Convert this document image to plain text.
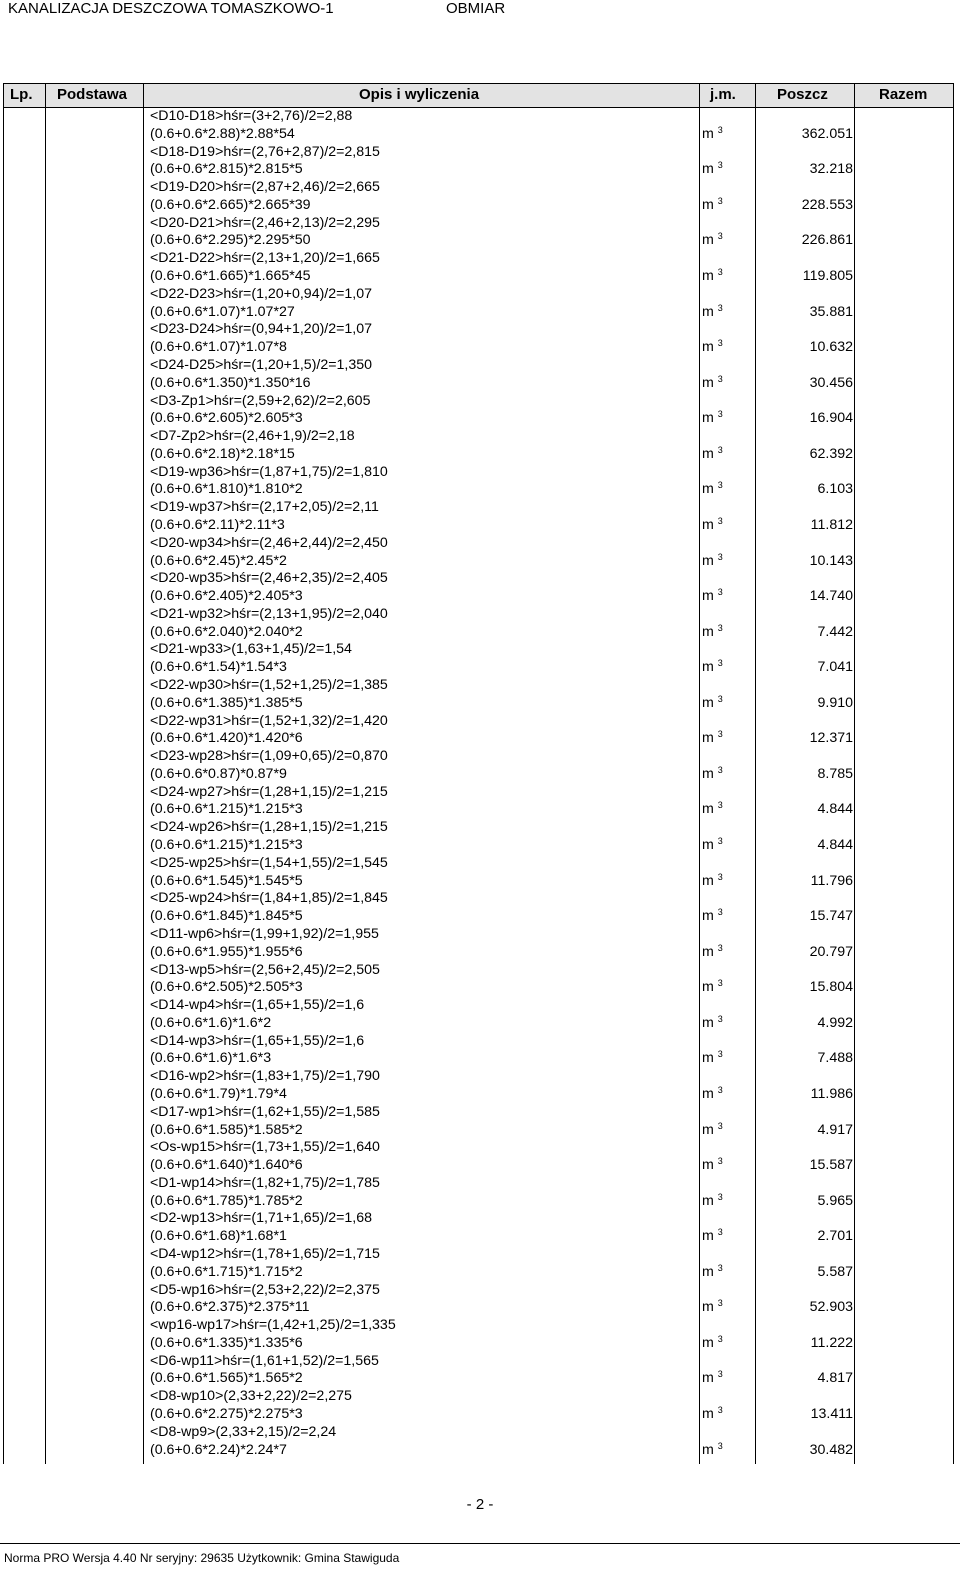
KANALIZACJA DESZCZOWA TOMASZKOWO-1	OBMIAR
Lp. Podstawa	Opis i wyliczenia	j.m.	Poszcz	Razem
<D10-D18>hśr=(3+2,76)/2=2,88
(0.6+0.6*2.88)*2.88*54	m $^3$	362.051
<D18-D19>hśr=(2,76+2,87)/2=2,815
(0.6+0.6*2.815)*2.815*5	m $^3$	32.218
<D19-D20>hśr=(2,87+2,46)/2=2,665
(0.6+0.6*2.665)*2.665*39	m $^3$	228.553
<D20-D21>hśr=(2,46+2,13)/2=2,295
(0.6+0.6*2.295)*2.295*50	m $^3$	226.861
<D21-D22>hśr=(2,13+1,20)/2=1,665
(0.6+0.6*1.665)*1.665*45	m $^3$	119.805
<D22-D23>hśr=(1,20+0,94)/2=1,07
(0.6+0.6*1.07)*1.07*27	m $^3$	35.881
<D23-D24>hśr=(0,94+1,20)/2=1,07
(0.6+0.6*1.07)*1.07*8	m $^3$	10.632
<D24-D25>hśr=(1,20+1,5)/2=1,350
(0.6+0.6*1.350)*1.350*16	m $^3$	30.456
<D3-Zp1>hśr=(2,59+2,62)/2=2,605
(0.6+0.6*2.605)*2.605*3	m $^3$	16.904
<D7-Zp2>hśr=(2,46+1,9)/2=2,18
(0.6+0.6*2.18)*2.18*15	m $^3$	62.392
<D19-wp36>hśr=(1,87+1,75)/2=1,810
(0.6+0.6*1.810)*1.810*2	m $^3$	6.103
<D19-wp37>hśr=(2,17+2,05)/2=2,11
(0.6+0.6*2.11)*2.11*3	m $^3$	11.812
<D20-wp34>hśr=(2,46+2,44)/2=2,450
(0.6+0.6*2.45)*2.45*2	m $^3$	10.143
<D20-wp35>hśr=(2,46+2,35)/2=2,405
(0.6+0.6*2.405)*2.405*3	m $^3$	14.740
<D21-wp32>hśr=(2,13+1,95)/2=2,040
(0.6+0.6*2.040)*2.040*2	m $^3$	7.442
<D21-wp33>(1,63+1,45)/2=1,54
(0.6+0.6*1.54)*1.54*3	m $^3$	7.041
<D22-wp30>hśr=(1,52+1,25)/2=1,385
(0.6+0.6*1.385)*1.385*5	m $^3$	9.910
<D22-wp31>hśr=(1,52+1,32)/2=1,420
(0.6+0.6*1.420)*1.420*6	m $^3$	12.371
<D23-wp28>hśr=(1,09+0,65)/2=0,870
(0.6+0.6*0.87)*0.87*9	m $^3$	8.785
<D24-wp27>hśr=(1,28+1,15)/2=1,215
(0.6+0.6*1.215)*1.215*3	m $^3$	4.844
<D24-wp26>hśr=(1,28+1,15)/2=1,215
(0.6+0.6*1.215)*1.215*3	m $^3$	4.844
<D25-wp25>hśr=(1,54+1,55)/2=1,545
(0.6+0.6*1.545)*1.545*5	m $^3$	11.796
<D25-wp24>hśr=(1,84+1,85)/2=1,845
(0.6+0.6*1.845)*1.845*5	m $^3$	15.747
<D11-wp6>hśr=(1,99+1,92)/2=1,955
(0.6+0.6*1.955)*1.955*6	m $^3$	20.797
<D13-wp5>hśr=(2,56+2,45)/2=2,505
(0.6+0.6*2.505)*2.505*3	m $^3$	15.804
<D14-wp4>hśr=(1,65+1,55)/2=1,6
(0.6+0.6*1.6)*1.6*2	m $^3$	4.992
<D14-wp3>hśr=(1,65+1,55)/2=1,6
(0.6+0.6*1.6)*1.6*3	m $^3$	7.488
<D16-wp2>hśr=(1,83+1,75)/2=1,790
(0.6+0.6*1.79)*1.79*4	m $^3$	11.986
<D17-wp1>hśr=(1,62+1,55)/2=1,585
(0.6+0.6*1.585)*1.585*2	m $^3$	4.917
<Os-wp15>hśr=(1,73+1,55)/2=1,640
(0.6+0.6*1.640)*1.640*6	m $^3$	15.587
<D1-wp14>hśr=(1,82+1,75)/2=1,785
(0.6+0.6*1.785)*1.785*2	m $^3$	5.965
<D2-wp13>hśr=(1,71+1,65)/2=1,68
(0.6+0.6*1.68)*1.68*1	m $^3$	2.701
<D4-wp12>hśr=(1,78+1,65)/2=1,715
(0.6+0.6*1.715)*1.715*2	m $^3$	5.587
<D5-wp16>hśr=(2,53+2,22)/2=2,375
(0.6+0.6*2.375)*2.375*11	m $^3$	52.903
<wp16-wp17>hśr=(1,42+1,25)/2=1,335
(0.6+0.6*1.335)*1.335*6	m $^3$	11.222
<D6-wp11>hśr=(1,61+1,52)/2=1,565
(0.6+0.6*1.565)*1.565*2	m $^3$	4.817
<D8-wp10>(2,33+2,22)/2=2,275
(0.6+0.6*2.275)*2.275*3	m $^3$	13.411
<D8-wp9>(2,33+2,15)/2=2,24
(0.6+0.6*2.24)*2.24*7	m $^3$	30.482
- 2 -
Norma PRO Wersja 4.40 Nr seryjny: 29635 Użytkownik: Gmina Stawiguda
